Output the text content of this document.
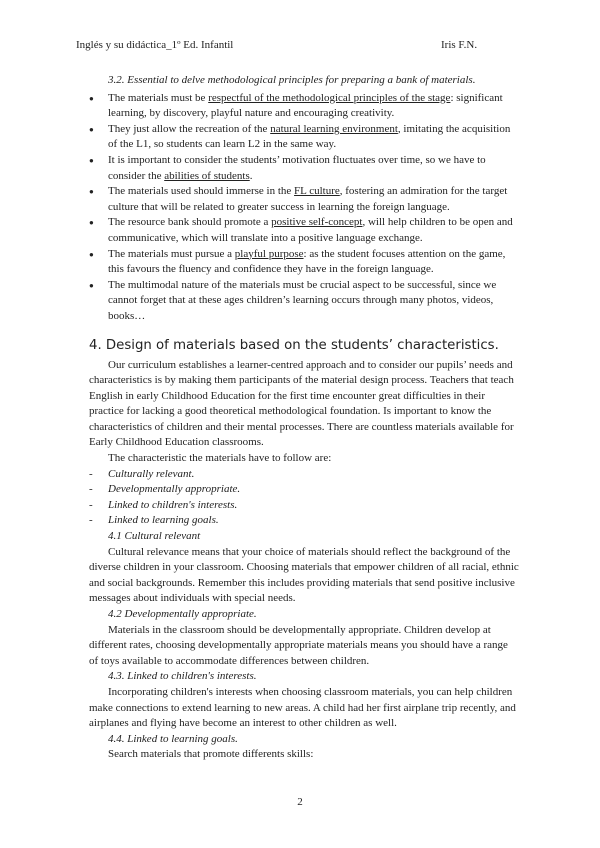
Inglés y su didáctica_1º Ed. Infantil	Iris F.N.
3.2. Essential to delve methodological principles for preparing a bank of materials.
● The materials must be respectful of the methodological principles of the stage: significant learning, by discovery, playful nature and encouraging creativity.
● They just allow the recreation of the natural learning environment, imitating the acquisition of the L1, so students can learn L2 in the same way.
● It is important to consider the students’ motivation fluctuates over time, so we have to consider the abilities of students.
● The materials used should immerse in the FL culture, fostering an admiration for the target culture that will be related to greater success in learning the foreign language.
● The resource bank should promote a positive self-concept, will help children to be open and communicative, which will translate into a positive language exchange.
● The materials must pursue a playful purpose: as the student focuses attention on the game, this favours the fluency and confidence they have in the foreign language.
● The multimodal nature of the materials must be crucial aspect to be successful, since we cannot forget that at these ages children’s learning occurs through many photos, videos, books…
4. Design of materials based on the students’ characteristics.

Our curriculum establishes a learner-centred approach and to consider our pupils’ needs and characteristics is by making them participants of the material design process. Teachers that teach English in early Childhood Education for the first time encounter great difficulties in their practice for lacking a good theoretical methodological foundation. Is important to know the characteristics of children and their mental processes. There are countless materials available for Early Childhood Education classrooms.

The characteristic the materials have to follow are:

- Culturally relevant.
- Developmentally appropriate.
- Linked to children's interests.
- Linked to learning goals.
4.1 Cultural relevant

Cultural relevance means that your choice of materials should reflect the background of the diverse children in your classroom. Choosing materials that empower children of all racial, ethnic and social backgrounds. Remember this includes providing materials that send positive inclusive messages about individuals with special needs.

4.2 Developmentally appropriate.

Materials in the classroom should be developmentally appropriate. Children develop at different rates, choosing developmentally appropriate materials means you should have a range of toys available to accommodate differences between children.

4.3. Linked to children's interests.

Incorporating children's interests when choosing classroom materials, you can help children make connections to extend learning to new areas. A child had her first airplane trip recently, and airplanes and flying have become an interest to other children as well.

4.4. Linked to learning goals.

Search materials that promote differents skills:

2
